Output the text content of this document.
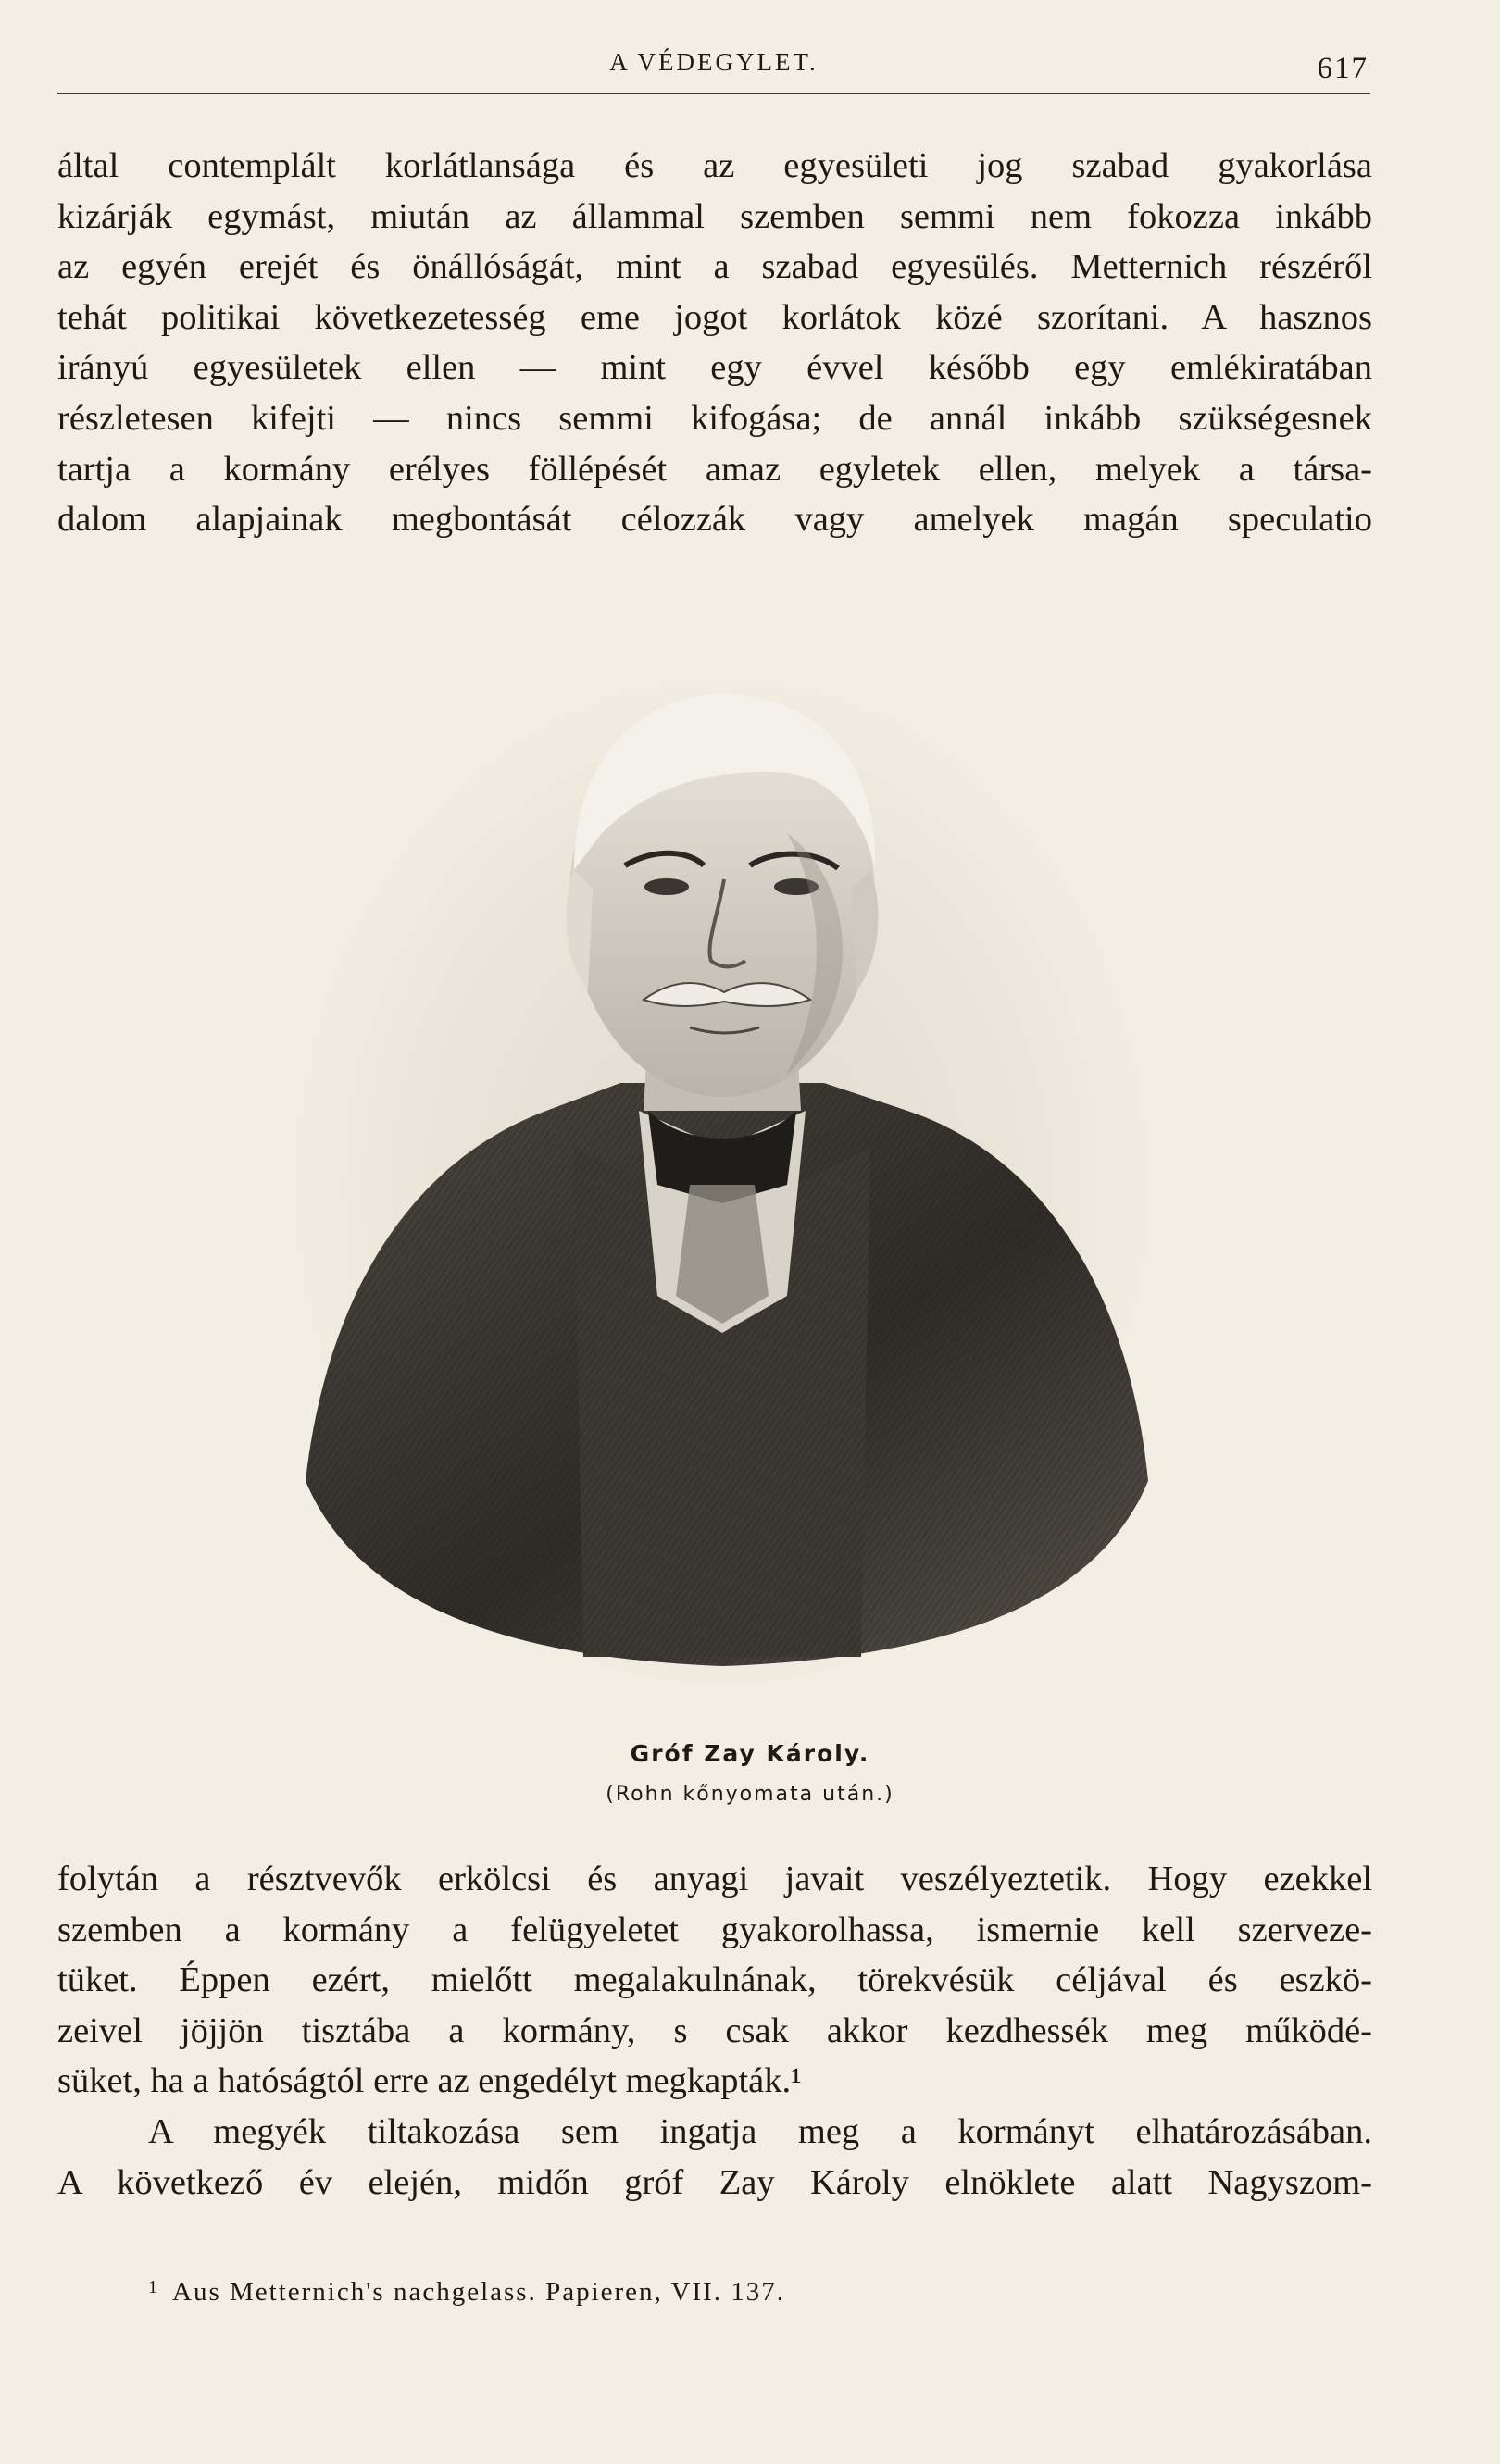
A VÉDEGYLET.	617
által contemplált korlátlansága és az egyesületi jog szabad gyakorlása
kizárják egymást, miután az állammal szemben semmi nem fokozza inkább
az egyén erejét és önállóságát, mint a szabad egyesülés. Metternich részéről
tehát politikai következetesség eme jogot korlátok közé szorítani. A hasznos
irányú egyesületek ellen — mint egy évvel később egy emlékiratában
részletesen kifejti — nincs semmi kifogása; de annál inkább szükségesnek
tartja a kormány erélyes föllépését amaz egyletek ellen, melyek a társa-
dalom alapjainak megbontását célozzák vagy amelyek magán speculatio
Gróf Zay Károly.
(Rohn kőnyomata után.)
folytán a résztvevők erkölcsi és anyagi javait veszélyeztetik. Hogy ezekkel
szemben a kormány a felügyeletet gyakorolhassa, ismernie kell szerveze-
tüket. Éppen ezért, mielőtt megalakulnának, törekvésük céljával és eszkö-
zeivel jöjjön tisztába a kormány, s csak akkor kezdhessék meg működé-
süket, ha a hatóságtól erre az engedélyt megkapták.¹
A megyék tiltakozása sem ingatja meg a kormányt elhatározásában.
A következő év elején, midőn gróf Zay Károly elnöklete alatt Nagyszom-
$^1$ Aus Metternich's nachgelass. Papieren, VII. 137.
